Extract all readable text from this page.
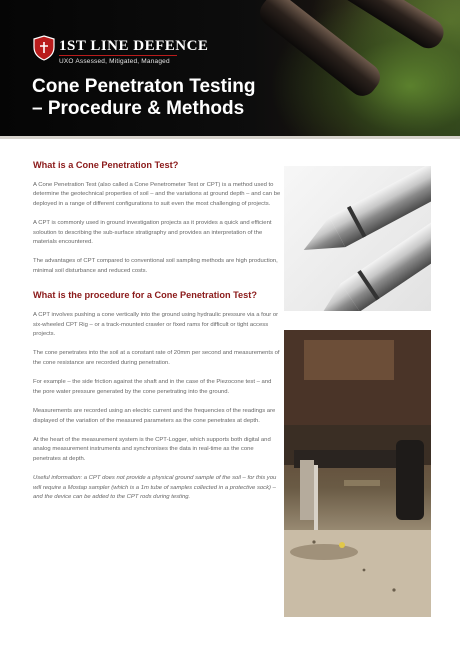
1ST LINE DEFENCE
UXO Assessed, Mitigated, Managed
Cone Penetraton Testing
– Procedure & Methods
What is a Cone Penetration Test?

A Cone Penetration Test (also called a Cone Penetrometer Test or CPT) is a method used to determine the geotechnical properties of soil – and the variations at ground depth – and can be deployed in a range of different configurations to suit even the most challenging of projects.

A CPT is commonly used in ground investigation projects as it provides a quick and efficient soloution to describing the sub-surface stratigraphy and provides an interpretation of the materials encountered.

The advantages of CPT compared to conventional soil sampling methods are high production, minimal soil disturbance and reduced costs.

What is the procedure for a Cone Penetration Test?

A CPT involves pushing a cone vertically into the ground using hydraulic pressure via a four or six-wheeled CPT Rig – or a track-mounted crawler or fixed rams for difficult or tight access projects.

The cone penetrates into the soil at a constant rate of 20mm per second and measurements of the cone resistance are recorded during penetration.

For example – the side friction against the shaft and in the case of the Piezocone test – and the pore water pressure generated by the cone penetrating into the ground.

Measurements are recorded using an electric current and the frequencies of the readings are displayed of the variation of the measured parameters as the cone penetrates at depth.

At the heart of the measurement system is the CPT-Logger, which supports both digital and analog measurement instruments and synchronises the data in real-time as the cone penetrates at depth.

Useful information: a CPT does not provide a physical ground sample of the soil – for this you will require a Mostap sampler (which is a 1m tube of samples collected in a protective sock) – and the device can be added to the CPT rods during testing.
